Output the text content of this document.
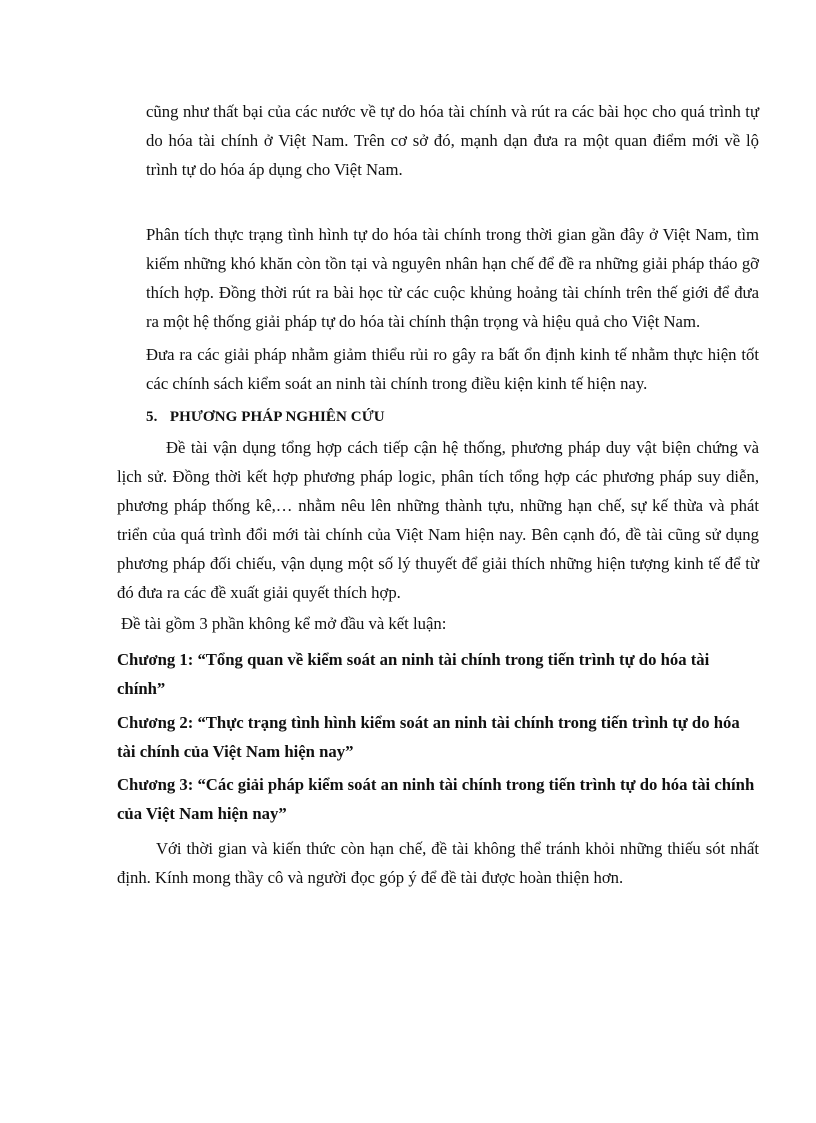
cũng như thất bại của các nước về tự do hóa tài chính và rút ra các bài học cho quá trình tự do hóa tài chính ở Việt Nam. Trên cơ sở đó, mạnh dạn đưa ra một quan điểm mới về lộ trình tự do hóa áp dụng cho Việt Nam.

Phân tích thực trạng tình hình tự do hóa tài chính trong thời gian gần đây ở Việt Nam, tìm kiếm những khó khăn còn tồn tại và nguyên nhân hạn chế để đề ra những giải pháp tháo gỡ thích hợp. Đồng thời rút ra bài học từ các cuộc khủng hoảng tài chính trên thế giới để đưa ra một hệ thống giải pháp tự do hóa tài chính thận trọng và hiệu quả cho Việt Nam.

Đưa ra các giải pháp nhằm giảm thiểu rủi ro gây ra bất ổn định kinh tế nhằm thực hiện tốt các chính sách kiểm soát an ninh tài chính trong điều kiện kinh tế hiện nay.

5. PHƯƠNG PHÁP NGHIÊN CỨU

Đề tài vận dụng tổng hợp cách tiếp cận hệ thống, phương pháp duy vật biện chứng và lịch sử. Đồng thời kết hợp phương pháp logic, phân tích tổng hợp các phương pháp suy diễn, phương pháp thống kê,… nhằm nêu lên những thành tựu, những hạn chế, sự kế thừa và phát triển của quá trình đổi mới tài chính của Việt Nam hiện nay. Bên cạnh đó, đề tài cũng sử dụng phương pháp đối chiếu, vận dụng một số lý thuyết để giải thích những hiện tượng kinh tế để từ đó đưa ra các đề xuất giải quyết thích hợp.

Đề tài gồm 3 phần không kể mở đầu và kết luận:

Chương 1: “Tổng quan về kiểm soát an ninh tài chính trong tiến trình tự do hóa tài chính”

Chương 2: “Thực trạng tình hình kiểm soát an ninh tài chính trong tiến trình tự do hóa tài chính của Việt Nam hiện nay”

Chương 3: “Các giải pháp kiểm soát an ninh tài chính trong tiến trình tự do hóa tài chính của Việt Nam hiện nay”

Với thời gian và kiến thức còn hạn chế, đề tài không thể tránh khỏi những thiếu sót nhất định. Kính mong thầy cô và người đọc góp ý để đề tài được hoàn thiện hơn.
